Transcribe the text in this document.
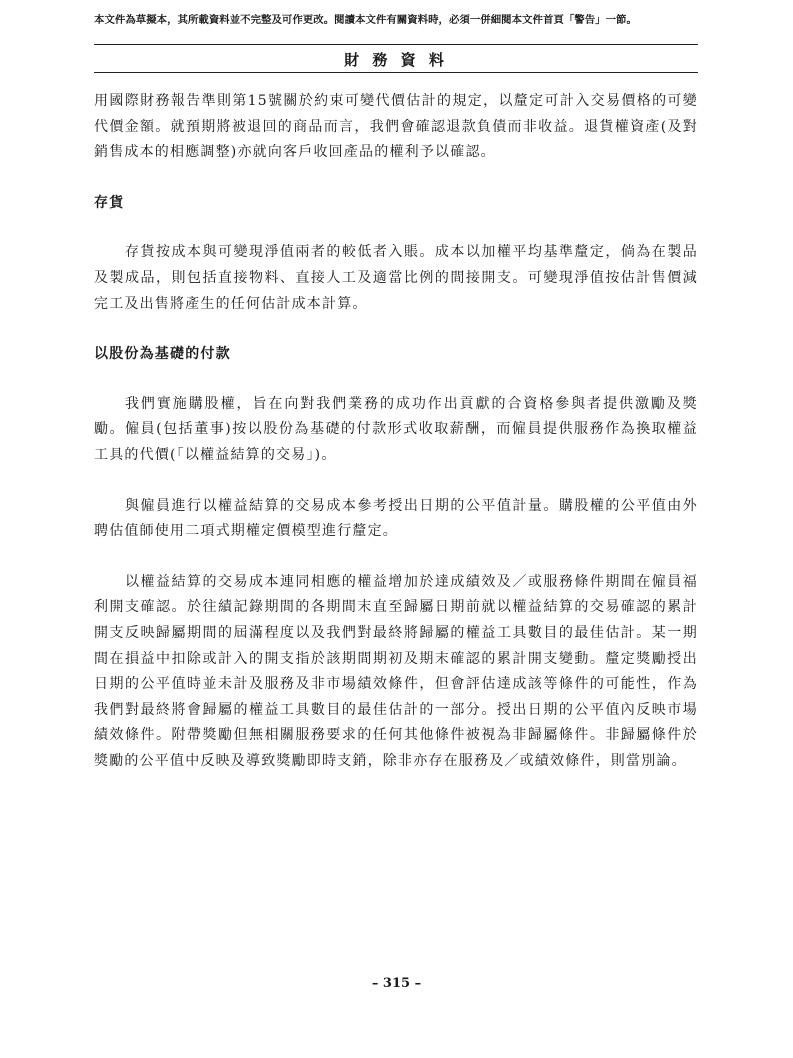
本文件為草擬本，其所載資料並不完整及可作更改。閱讀本文件有關資料時，必須一併細閱本文件首頁「警告」一節。
財 務 資 料

用國際財務報告準則第15號關於約束可變代價估計的規定，以釐定可計入交易價格的可變代價金額。就預期將被退回的商品而言，我們會確認退款負債而非收益。退貨權資產(及對銷售成本的相應調整)亦就向客戶收回產品的權利予以確認。

存貨

存貨按成本與可變現淨值兩者的較低者入賬。成本以加權平均基準釐定，倘為在製品及製成品，則包括直接物料、直接人工及適當比例的間接開支。可變現淨值按估計售價減完工及出售將產生的任何估計成本計算。

以股份為基礎的付款

我們實施購股權，旨在向對我們業務的成功作出貢獻的合資格參與者提供激勵及獎勵。僱員(包括董事)按以股份為基礎的付款形式收取薪酬，而僱員提供服務作為換取權益工具的代價(「以權益結算的交易」)。

與僱員進行以權益結算的交易成本參考授出日期的公平值計量。購股權的公平值由外聘估值師使用二項式期權定價模型進行釐定。

以權益結算的交易成本連同相應的權益增加於達成績效及／或服務條件期間在僱員福利開支確認。於往績記錄期間的各期間末直至歸屬日期前就以權益結算的交易確認的累計開支反映歸屬期間的屆滿程度以及我們對最終將歸屬的權益工具數目的最佳估計。某一期間在損益中扣除或計入的開支指於該期間期初及期末確認的累計開支變動。釐定獎勵授出日期的公平值時並未計及服務及非市場績效條件，但會評估達成該等條件的可能性，作為我們對最終將會歸屬的權益工具數目的最佳估計的一部分。授出日期的公平值內反映市場績效條件。附帶獎勵但無相關服務要求的任何其他條件被視為非歸屬條件。非歸屬條件於獎勵的公平值中反映及導致獎勵即時支銷，除非亦存在服務及／或績效條件，則當別論。

– 315 –
